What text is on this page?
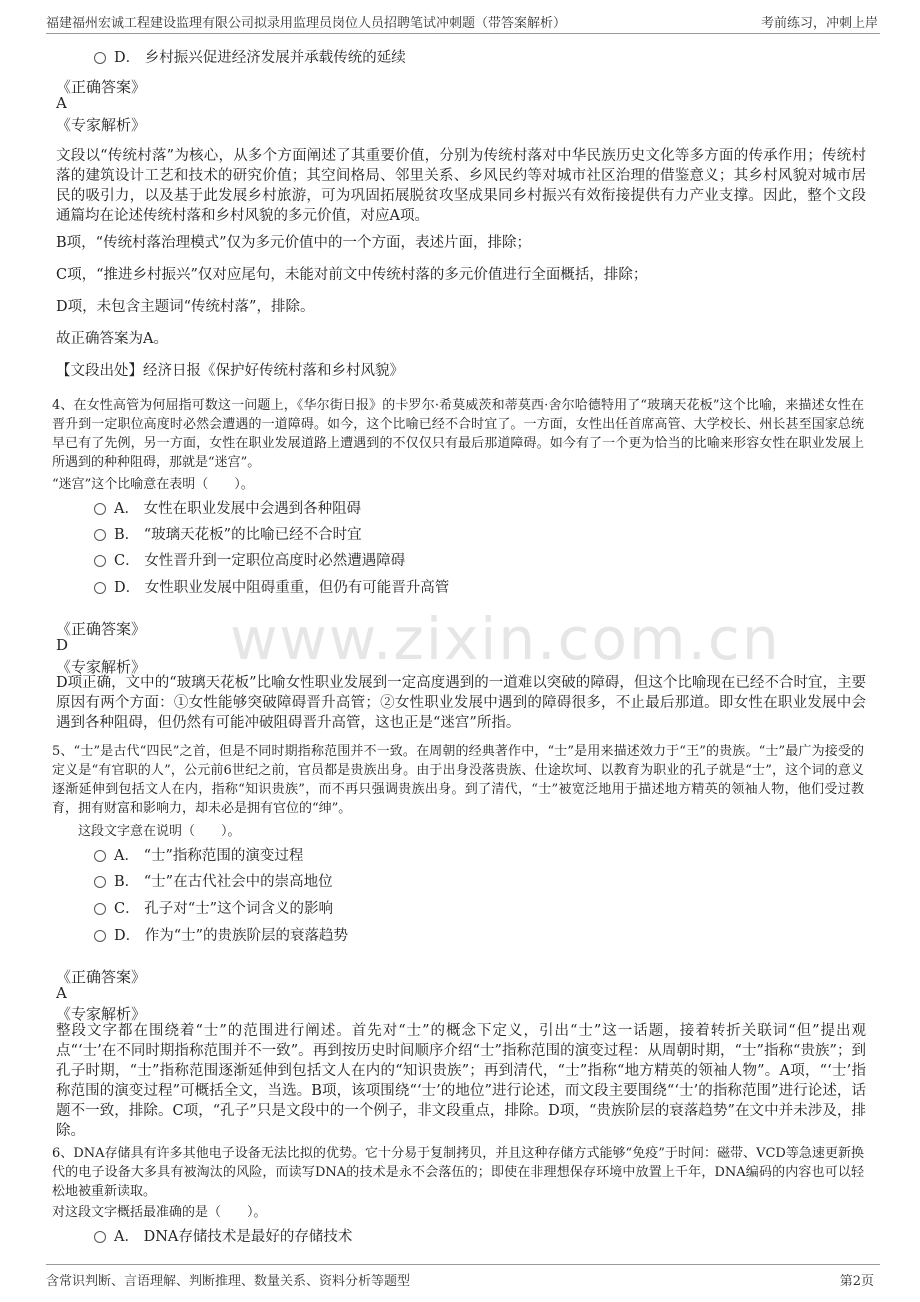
福建福州宏诚工程建设监理有限公司拟录用监理员岗位人员招聘笔试冲刺题（带答案解析）	考前练习，冲刺上岸
www.zixin.com.cn
D． 乡村振兴促进经济发展并承载传统的延续
《正确答案》
A
《专家解析》
文段以“传统村落”为核心，从多个方面阐述了其重要价值，分别为传统村落对中华民族历史文化等多方面的传承作用；传统村落的建筑设计工艺和技术的研究价值；其空间格局、邻里关系、乡风民约等对城市社区治理的借鉴意义；其乡村风貌对城市居民的吸引力，以及基于此发展乡村旅游，可为巩固拓展脱贫攻坚成果同乡村振兴有效衔接提供有力产业支撑。因此，整个文段通篇均在论述传统村落和乡村风貌的多元价值，对应A项。
B项，“传统村落治理模式”仅为多元价值中的一个方面，表述片面，排除；
C项，“推进乡村振兴”仅对应尾句，未能对前文中传统村落的多元价值进行全面概括，排除；
D项，未包含主题词“传统村落”，排除。
故正确答案为A。
【文段出处】经济日报《保护好传统村落和乡村风貌》
4、在女性高管为何屈指可数这一问题上，《华尔街日报》的卡罗尔·希莫威茨和蒂莫西·舍尔哈德特用了“玻璃天花板”这个比喻，来描述女性在晋升到一定职位高度时必然会遭遇的一道障碍。如今，这个比喻已经不合时宜了。一方面，女性出任首席高管、大学校长、州长甚至国家总统早已有了先例，另一方面，女性在职业发展道路上遭遇到的不仅仅只有最后那道障碍。如今有了一个更为恰当的比喻来形容女性在职业发展上所遇到的种种阻碍，那就是“迷宫”。
“迷宫”这个比喻意在表明（　　）。
A． 女性在职业发展中会遇到各种阻碍
B． “玻璃天花板”的比喻已经不合时宜
C． 女性晋升到一定职位高度时必然遭遇障碍
D． 女性职业发展中阻碍重重，但仍有可能晋升高管
《正确答案》
D
《专家解析》
D项正确，文中的“玻璃天花板”比喻女性职业发展到一定高度遇到的一道难以突破的障碍，但这个比喻现在已经不合时宜，主要原因有两个方面：①女性能够突破障碍晋升高管；②女性职业发展中遇到的障碍很多，不止最后那道。即女性在职业发展中会遇到各种阻碍，但仍然有可能冲破阻碍晋升高管，这也正是“迷宫”所指。
5、“士”是古代“四民”之首，但是不同时期指称范围并不一致。在周朝的经典著作中，“士”是用来描述效力于“王”的贵族。“士”最广为接受的定义是“有官职的人”，公元前6世纪之前，官员都是贵族出身。由于出身没落贵族、仕途坎坷、以教育为职业的孔子就是“士”，这个词的意义逐渐延伸到包括文人在内，指称“知识贵族”，而不再只强调贵族出身。到了清代，“士”被宽泛地用于描述地方精英的领袖人物，他们受过教育，拥有财富和影响力，却未必是拥有官位的“绅”。
这段文字意在说明（　　）。
A． “士”指称范围的演变过程
B． “士”在古代社会中的崇高地位
C． 孔子对“士”这个词含义的影响
D． 作为“士”的贵族阶层的衰落趋势
《正确答案》
A
《专家解析》
整段文字都在围绕着“士”的范围进行阐述。首先对“士”的概念下定义，引出“士”这一话题，接着转折关联词“但”提出观点“‘士’在不同时期指称范围并不一致”。再到按历史时间顺序介绍“士”指称范围的演变过程：从周朝时期，“士”指称“贵族”；到孔子时期，“士”指称范围逐渐延伸到包括文人在内的“知识贵族”；再到清代，“士”指称“地方精英的领袖人物”。A项，“‘士’指称范围的演变过程”可概括全文，当选。B项，该项围绕“‘士’的地位”进行论述，而文段主要围绕“‘士’的指称范围”进行论述，话题不一致，排除。C项，“孔子”只是文段中的一个例子，非文段重点，排除。D项，“贵族阶层的衰落趋势”在文中并未涉及，排除。
6、DNA存储具有许多其他电子设备无法比拟的优势。它十分易于复制拷贝，并且这种存储方式能够“免疫”于时间：磁带、VCD等急速更新换代的电子设备大多具有被淘汰的风险，而读写DNA的技术是永不会落伍的；即使在非理想保存环境中放置上千年，DNA编码的内容也可以轻松地被重新读取。
对这段文字概括最准确的是（　　）。
A． DNA存储技术是最好的存储技术
含常识判断、言语理解、判断推理、数量关系、资料分析等题型	第2页
